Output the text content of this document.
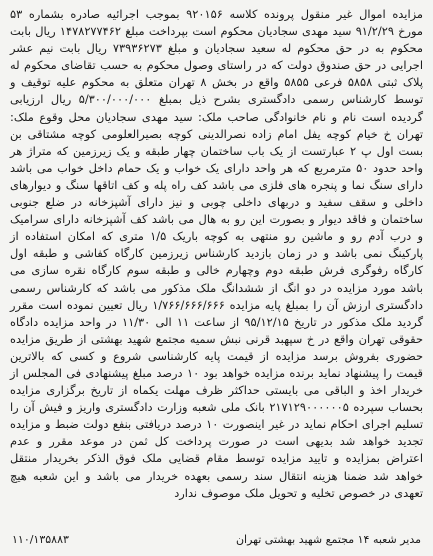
مزایده اموال غیر منقول پرونده کلاسه ۹۲۰۱۵۶ بموجب اجرائیه صادره بشماره ۵۳ مورخ ۹۱/۲/۲۹ سید مهدی سجادیان محکوم است بپرداخت مبلغ ۱۴۷۸۲۷۷۴۶۲ ریال بابت محکوم به در حق محکوم له سعید سجادیان و مبلغ ۷۳۹۳۶۲۷۳ ریال بابت نیم عشر اجرایی در حق صندوق دولت که در راستای وصول محکوم به حسب تقاضای محکوم له پلاک ثبتی ۵۸۵۸ فرعی ۵۸۵۵ واقع در بخش ۸ تهران متعلق به محکوم علیه توقیف و توسط کارشناس رسمی دادگستری بشرح ذیل بمبلغ ۵/۳۰۰/۰۰۰/۰۰۰ ریال ارزیابی گردیده است نام و نام خانوادگی صاحب ملک: سید مهدی سجادیان محل وقوع ملک: تهران خ خیام کوچه یفل امام زاده نصرالدینی کوچه بصیرالعلومی کوچه مشتاقی بن بست اول پ ۲ عبارتست از یک باب ساختمان چهار طبقه و یک زیرزمین که متراژ هر واحد حدود ۵۰ مترمربع که هر واحد دارای یک خواب و یک حمام داخل خواب می باشد دارای سنگ نما و پنجره های فلزی می باشد کف راه پله و کف اتاقها سنگ و دیوارهای داخلی و سقف سفید و دربهای داخلی چوبی و نیز دارای آشپزخانه در ضلع جنوبی ساختمان و فاقد دیوار و بصورت این رو به هال می باشد کف آشپزخانه دارای سرامیک و درب آدم رو و ماشین رو منتهی به کوچه باریک ۱/۵ متری که امکان استفاده از پارکینگ نمی باشد و در زمان بازدید کارشناس زیرزمین کارگاه کفاشی و طبقه اول کارگاه رفوگری فرش طبقه دوم وچهارم خالی و طبقه سوم کارگاه نقره سازی می باشد مورد مزایده در دو انگ از ششدانگ ملک مذکور می باشد که کارشناس رسمی دادگستری ارزش آن را بمبلغ پایه مزایده ۱/۷۶۶/۶۶۶/۶۶۶ ریال تعیین نموده است مقرر گردید ملک مذکور در تاریخ ۹۵/۱۲/۱۵ از ساعت ۱۱ الی ۱۱/۳۰ در واحد مزایده دادگاه حقوقی تهران واقع در خ سپهبد قرنی نبش سمیه مجتمع شهید بهشتی از طریق مزایده حضوری بفروش برسد مزایده از قیمت پایه کارشناسی شروع و کسی که بالاترین قیمت را پیشنهاد نماید برنده مزایده خواهد بود ۱۰ درصد مبلغ پیشنهادی فی المجلس از خریدار اخذ و الباقی می بایستی حداکثر ظرف مهلت یکماه از تاریخ برگزاری مزایده بحساب سپرده ۲۱۷۱۲۹۰۰۰۰۰۰۵ بانک ملی شعبه وزارت دادگستری واریز و فیش آن را تسلیم اجرای احکام نماید در غیر اینصورت ۱۰ درصد دریافتی بنفع دولت ضبط و مزایده تجدید خواهد شد بدیهی است در صورت پرداخت کل ثمن در موعد مقرر و عدم اعتراض بمزایده و تایید مزایده توسط مقام قضایی ملک فوق الذکر بخریدار منتقل خواهد شد ضمنا هزینه انتقال سند رسمی بعهده خریدار می باشد و این شعبه هیچ تعهدی در خصوص تخلیه و تحویل ملک موصوف ندارد

مدیر شعبه ۱۴ مجتمع شهید بهشتی تهران
۱۱۰/۱۳۵۸۸۳
